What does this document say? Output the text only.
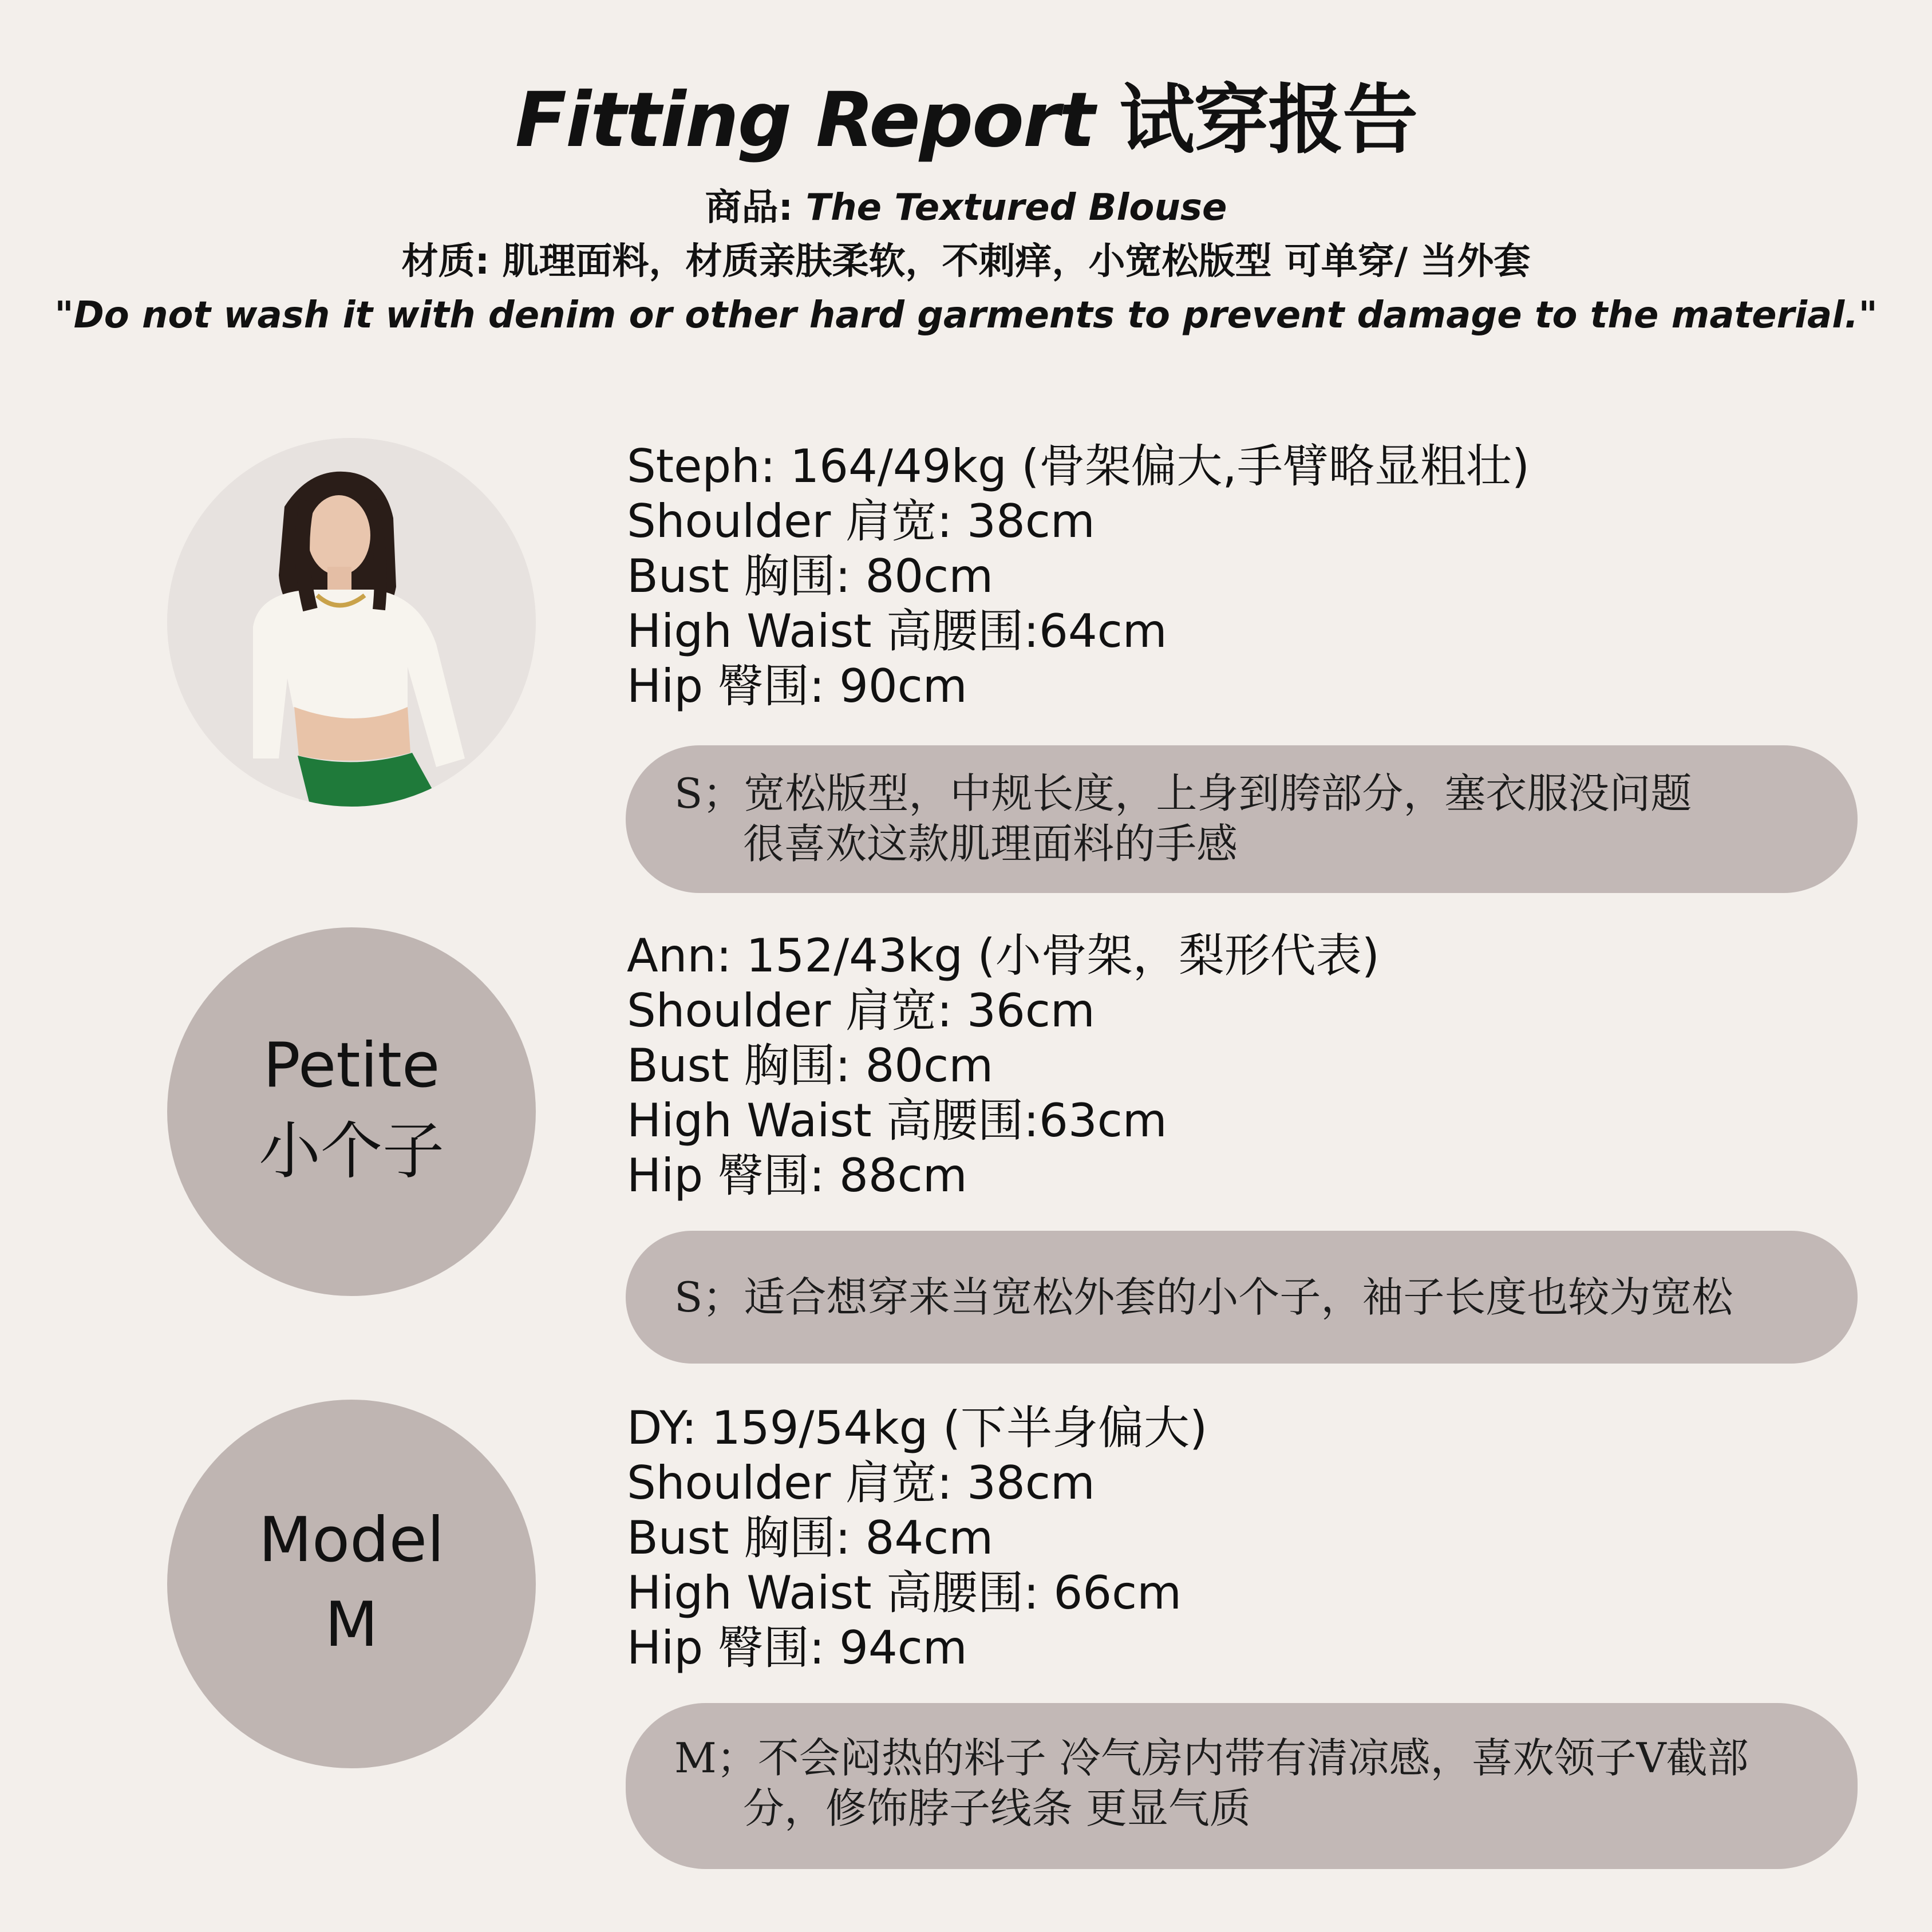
Fitting Report 试穿报告
商品: The Textured Blouse
材质: 肌理面料，材质亲肤柔软，不刺痒，小宽松版型 可单穿/ 当外套
"Do not wash it with denim or other hard garments to prevent damage to the material."
Steph: 164/49kg (骨架偏大,手臂略显粗壮)
Shoulder 肩宽: 38cm
Bust 胸围: 80cm
High Waist 高腰围:64cm
Hip 臀围: 90cm
S；宽松版型，中规长度，上身到胯部分，塞衣服没问题
很喜欢这款肌理面料的手感
Petite
小个子
Ann: 152/43kg (小骨架，梨形代表)
Shoulder 肩宽: 36cm
Bust 胸围: 80cm
High Waist 高腰围:63cm
Hip 臀围: 88cm
S；适合想穿来当宽松外套的小个子，袖子长度也较为宽松
Model
M
DY: 159/54kg (下半身偏大)
Shoulder 肩宽: 38cm
Bust 胸围: 84cm
High Waist 高腰围: 66cm
Hip 臀围: 94cm
M；不会闷热的料子 冷气房内带有清凉感，喜欢领子V截部
分，修饰脖子线条 更显气质
